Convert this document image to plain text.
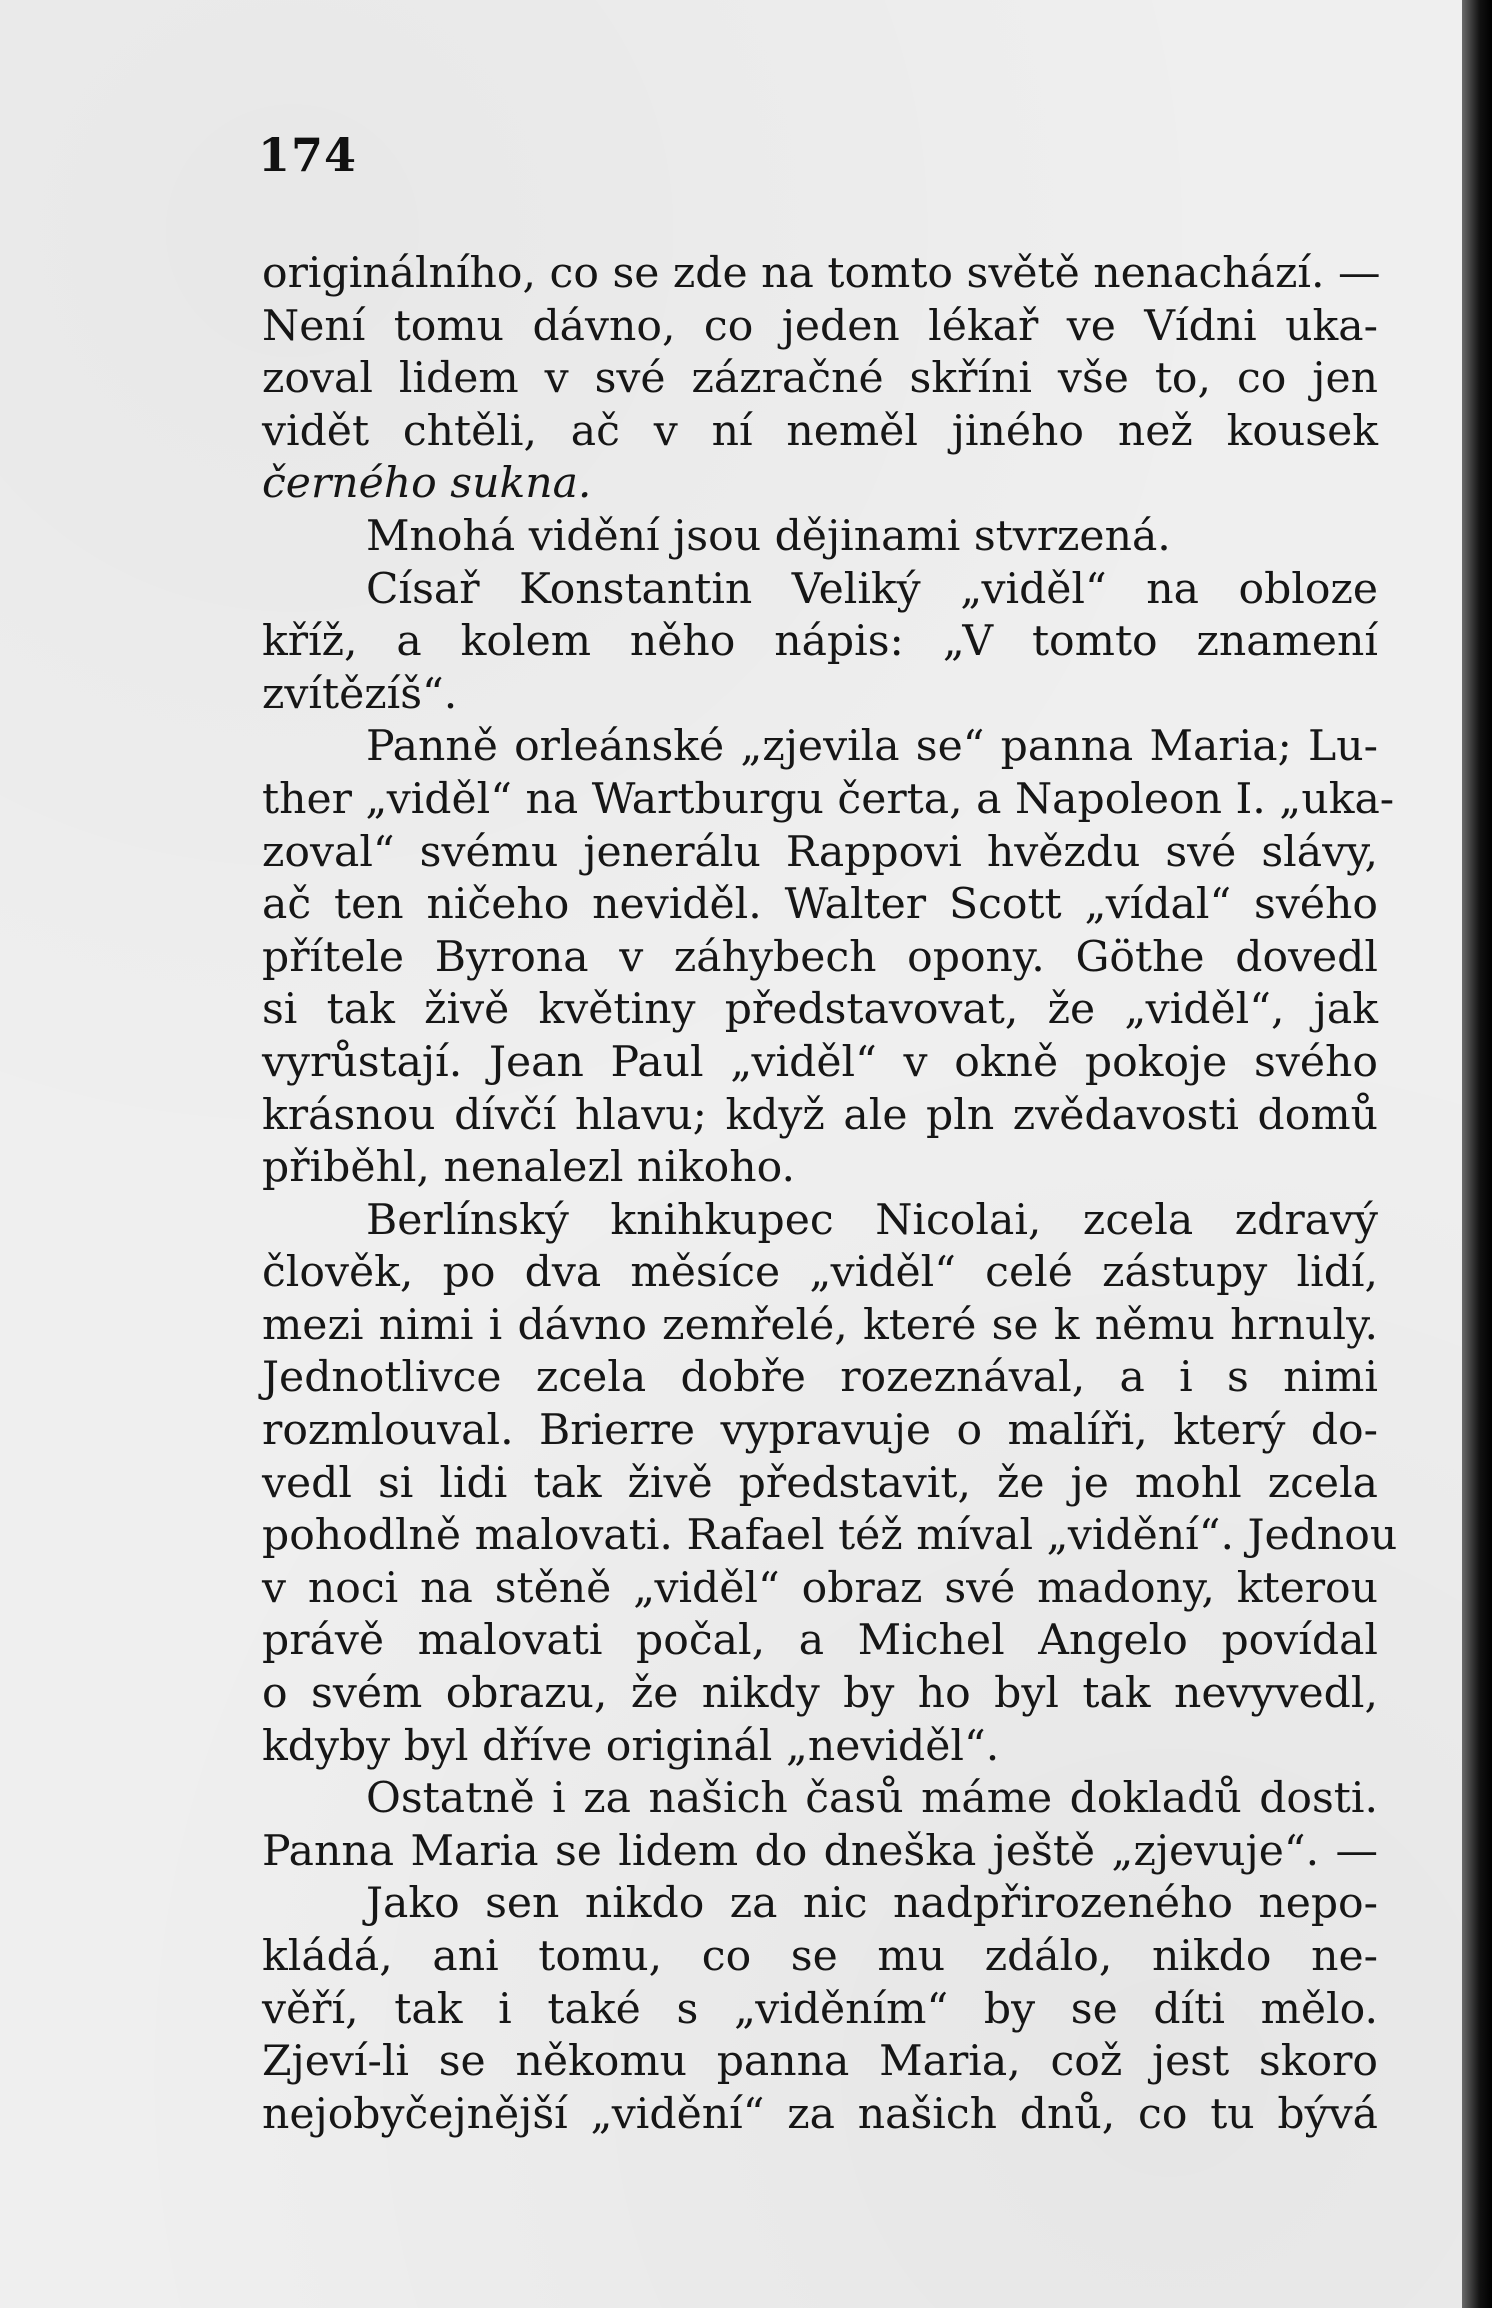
174
originálního, co se zde na tomto světě nenachází. —
Není tomu dávno, co jeden lékař ve Vídni uka-
zoval lidem v své zázračné skříni vše to, co jen
vidět chtěli, ač v ní neměl jiného než kousek
černého sukna.
Mnohá vidění jsou dějinami stvrzená.
Císař Konstantin Veliký „viděl“ na obloze
kříž, a kolem něho nápis: „V tomto znamení
zvítězíš“.
Panně orleánské „zjevila se“ panna Maria; Lu-
ther „viděl“ na Wartburgu čerta, a Napoleon I. „uka-
zoval“ svému jenerálu Rappovi hvězdu své slávy,
ač ten ničeho neviděl. Walter Scott „vídal“ svého
přítele Byrona v záhybech opony. Göthe dovedl
si tak živě květiny představovat, že „viděl“, jak
vyrůstají. Jean Paul „viděl“ v okně pokoje svého
krásnou dívčí hlavu; když ale pln zvědavosti domů
přiběhl, nenalezl nikoho.
Berlínský knihkupec Nicolai, zcela zdravý
člověk, po dva měsíce „viděl“ celé zástupy lidí,
mezi nimi i dávno zemřelé, které se k němu hrnuly.
Jednotlivce zcela dobře rozeznával, a i s nimi
rozmlouval. Brierre vypravuje o malíři, který do-
vedl si lidi tak živě představit, že je mohl zcela
pohodlně malovati. Rafael též míval „vidění“. Jednou
v noci na stěně „viděl“ obraz své madony, kterou
právě malovati počal, a Michel Angelo povídal
o svém obrazu, že nikdy by ho byl tak nevyvedl,
kdyby byl dříve originál „neviděl“.
Ostatně i za našich časů máme dokladů dosti.
Panna Maria se lidem do dneška ještě „zjevuje“. —
Jako sen nikdo za nic nadpřirozeného nepo-
kládá, ani tomu, co se mu zdálo, nikdo ne-
věří, tak i také s „viděním“ by se díti mělo.
Zjeví-li se někomu panna Maria, což jest skoro
nejobyčejnější „vidění“ za našich dnů, co tu bývá
